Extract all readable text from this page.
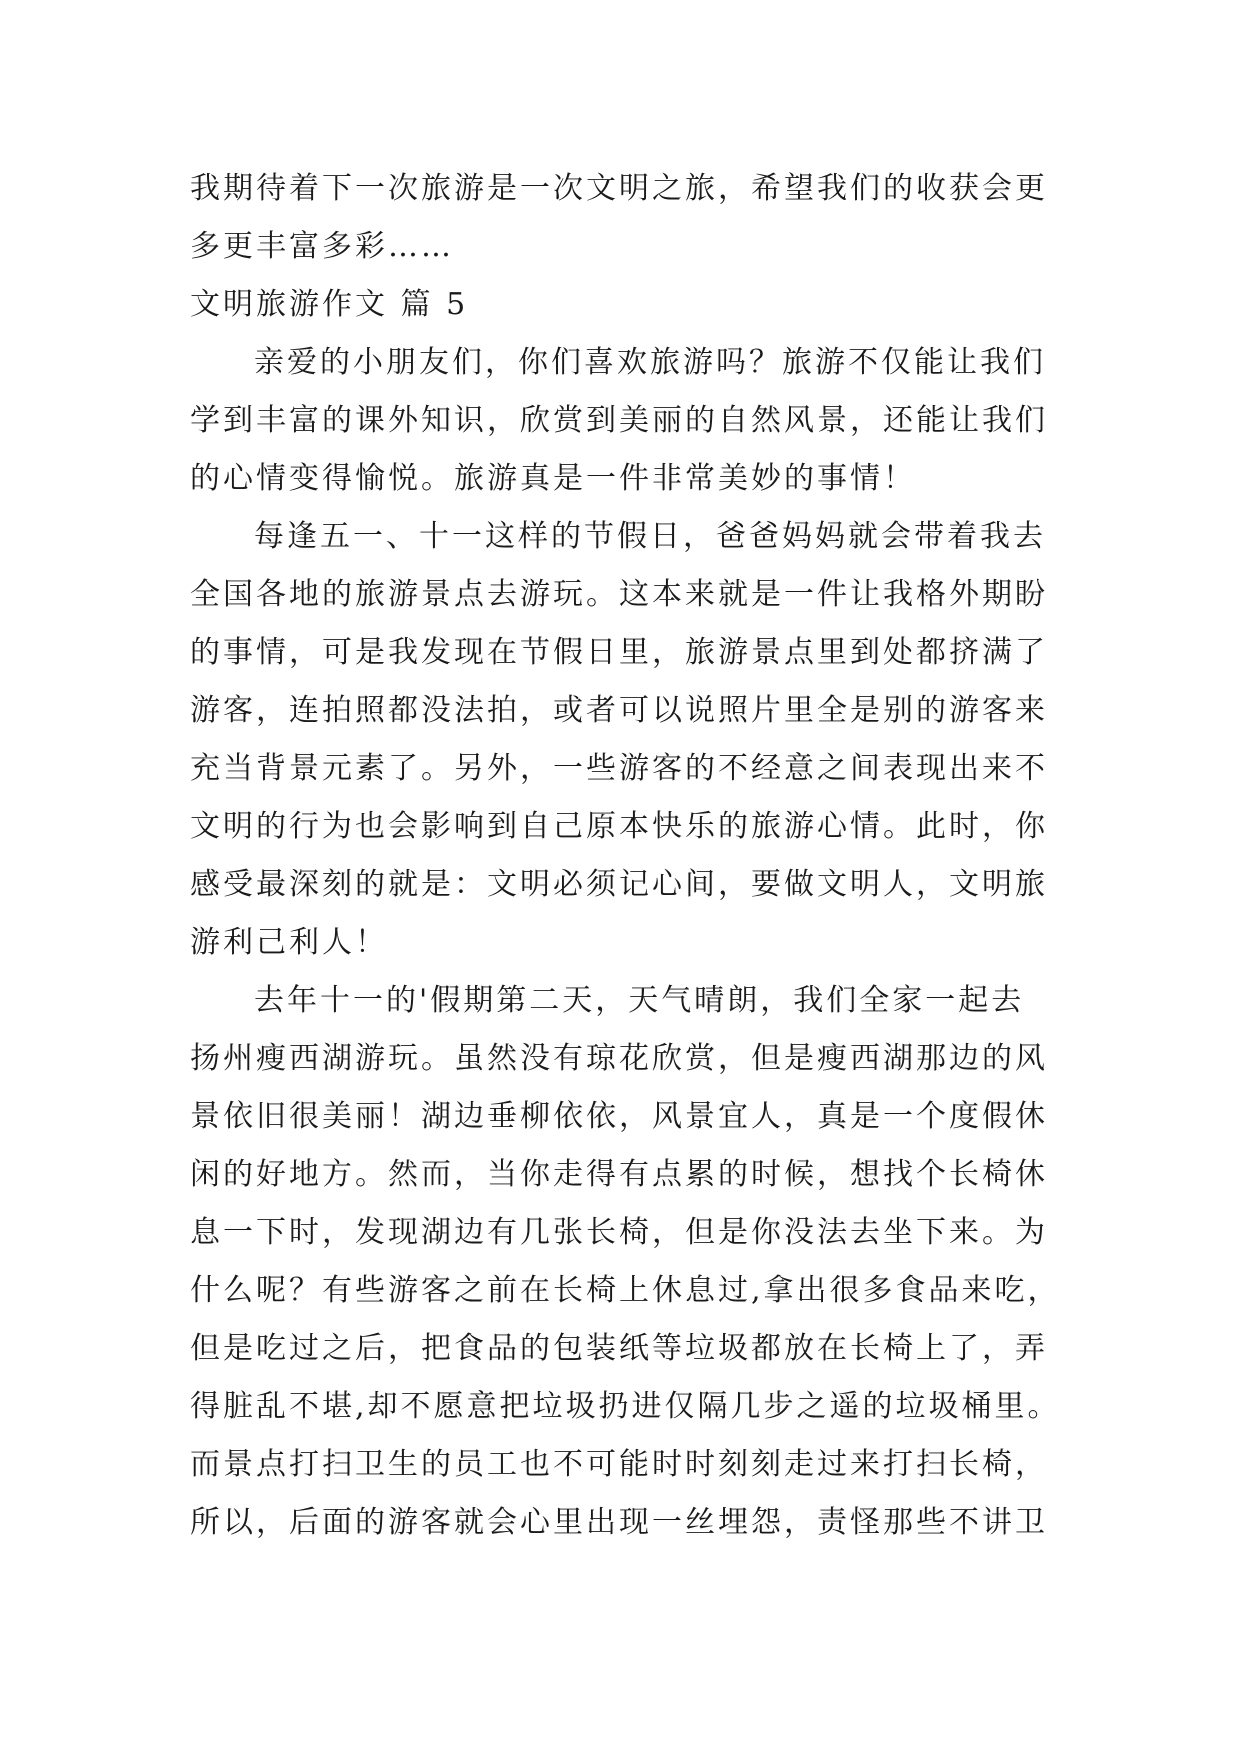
我期待着下一次旅游是一次文明之旅，希望我们的收获会更
多更丰富多彩……
文明旅游作文 篇 5
亲爱的小朋友们，你们喜欢旅游吗？旅游不仅能让我们
学到丰富的课外知识，欣赏到美丽的自然风景，还能让我们
的心情变得愉悦。旅游真是一件非常美妙的事情！
每逢五一、十一这样的节假日，爸爸妈妈就会带着我去
全国各地的旅游景点去游玩。这本来就是一件让我格外期盼
的事情，可是我发现在节假日里，旅游景点里到处都挤满了
游客，连拍照都没法拍，或者可以说照片里全是别的游客来
充当背景元素了。另外，一些游客的不经意之间表现出来不
文明的行为也会影响到自己原本快乐的旅游心情。此时，你
感受最深刻的就是：文明必须记心间，要做文明人，文明旅
游利己利人！
去年十一的'假期第二天，天气晴朗，我们全家一起去
扬州瘦西湖游玩。虽然没有琼花欣赏，但是瘦西湖那边的风
景依旧很美丽！湖边垂柳依依，风景宜人，真是一个度假休
闲的好地方。然而，当你走得有点累的时候，想找个长椅休
息一下时，发现湖边有几张长椅，但是你没法去坐下来。为
什么呢？有些游客之前在长椅上休息过,拿出很多食品来吃，
但是吃过之后，把食品的包装纸等垃圾都放在长椅上了，弄
得脏乱不堪,却不愿意把垃圾扔进仅隔几步之遥的垃圾桶里。
而景点打扫卫生的员工也不可能时时刻刻走过来打扫长椅，
所以，后面的游客就会心里出现一丝埋怨，责怪那些不讲卫
